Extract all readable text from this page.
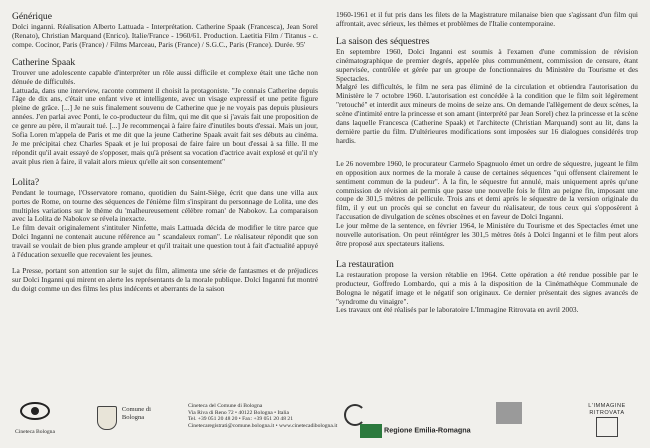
Générique

Dolci inganni. Réalisation Alberto Lattuada - Interprétation. Catherine Spaak (Francesca), Jean Sorel (Renato), Christian Marquand (Enrico). Italie/France - 1960/61. Production. Laetitia Film / Titanus - c. compe. Cocinor, Paris (France) / Films Marceau, Paris (France) / S.G.C., Paris (France). Durée. 95'

Catherine Spaak

Trouver une adolescente capable d'interpréter un rôle aussi difficile et complexe était une tâche non dénuée de difficultés.

Lattuada, dans une interview, raconte comment il choisit la protagoniste. "Je connais Catherine depuis l'âge de dix ans, c'était une enfant vive et intelligente, avec un visage expressif et une petite figure pleine de grâce. [...] Je ne suis finalement souvenu de Catherine que je ne voyais pas depuis plusieurs années. J'en parlai avec Ponti, le co-producteur du film, qui me dit que si j'avais fait une proposition de ce genre au père, il m'aurait tué. [...] Je recommençai à faire faire d'inutiles bouts d'essai. Mais un jour, Sofia Loren m'appela de Paris et me dit que la jeune Catherine Spaak avait fait ses débuts au cinéma. Je me précipitai chez Charles Spaak et je lui proposai de faire faire un bout d'essai à sa fille. Il me répondit qu'il avait essayé de s'opposer, mais qu'à présent sa vocation d'actrice avait explosé et qu'il n'y avait plus rien à faire, il valait alors mieux qu'elle ait son consentement"

Lolita?

Pendant le tournage, l'Osservatore romano, quotidien du Saint-Siège, écrit que dans une villa aux portes de Rome, on tourne des séquences de l'énième film s'inspirant du personnage de Lolita, une des multiples variations sur le thème du 'malheureusement célèbre roman' de Nabokov. La comparaison avec la Lolita de Nabokov se révela inexacte.

Le film devait originalement s'intituler Ninfette, mais Lattuada décida de modifier le titre parce que Dolci Inganni ne contenait aucune référence au " scandaleux roman". Le réalisateur répondit que son travail se voulait de bien plus grande ampleur et qu'il traitait une question tout à fait d'actualité appuyé à l'éducation sexuelle que recevaient les jeunes.

La Presse, portant son attention sur le sujet du film, alimenta une série de fantasmes et de préjudices sur Dolci Inganni qui mirent en alerte les représentants de la morale publique. Dolci Inganni fut montré du doigt comme un des films les plus indécents et aberrants de la saison

1960-1961 et il fut pris dans les filets de la Magistrature milanaise bien que s'agissant d'un film qui affrontait, avec sérieux, les thèmes et problèmes de l'Italie contemporaine.

La saison des séquestres

En septembre 1960, Dolci Inganni est soumis à l'examen d'une commission de révision cinématographique de premier degrés, appelée plus communément, commission de censure, étant supervisée, contrôlée et gérée par un groupe de fonctionnaires du Ministère du Tourisme et des Spectacles.

Malgré les difficultés, le film ne sera pas éliminé de la circulation et obtiendra l'autorisation du Ministère le 7 octobre 1960. L'autorisation est concédée à la condition que le film soit légèrement "retouché" et interdit aux mineurs de moins de seize ans. On demande l'allègement de deux scènes, la scène d'intimité entre la princesse et son amant (interprété par Jean Sorel) chez la princesse et la scène dans laquelle Francesca (Catherine Spaak) et l'architecte (Christian Marquand) sont au lit, dans la dernière partie du film. D'ultérieures modifications sont imposées sur 16 dialogues considérés trop hardis.

Le 26 novembre 1960, le procurateur Carmelo Spagnuolo émet un ordre de séquestre, jugeant le film en opposition aux normes de la morale à cause de certaines séquences "qui offensent clairement le sentiment commun de la pudeur". À la fin, le séquestre fut annulé, mais uniquement après qu'une commission de révision ait permis que passe une nouvelle fois le film au peigne fin, imposant une coupe de 301,5 mètres de pellicule. Trois ans et demi après le séquestre de la version originale du film, il y eut un procès qui se conclut en faveur du réalisateur, de tous ceux qui s'opposèrent à l'accusation de divulgation de scènes obscènes et en faveur de Dolci Inganni.

Le jour même de la sentence, en février 1964, le Ministère du Tourisme et des Spectacles émet une nouvelle autorisation. On peut réintégrer les 301,5 mètres ôtés à Dolci Inganni et le film peut alors être proposé aux spectateurs italiens.

La restauration

La restauration propose la version rétablie en 1964. Cette opération a été rendue possible par le producteur, Goffredo Lombardo, qui a mis à la disposition de la Cinémathèque Communale de Bologna le négatif image et le négatif son originaux. Ce dernier présentait des signes avancés de "syndrome du vinaigre".

Les travaux ont été réalisés par le laboratoire L'Immagine Ritrovata en avril 2003.

Cineteca Bologna

Comune di
Bologna
Cineteca del Comune di Bologna
Via Riva di Reno 72 • 40122 Bologna • Italia
Tel. +39 051 20 48 20 • Fax: +39 051 20 48 21
Cinetecaregistrati@comune.bologna.it • www.cinetecadibologna.it	Regione Emilia-Romagna
L'IMMAGINE
RITROVATA
